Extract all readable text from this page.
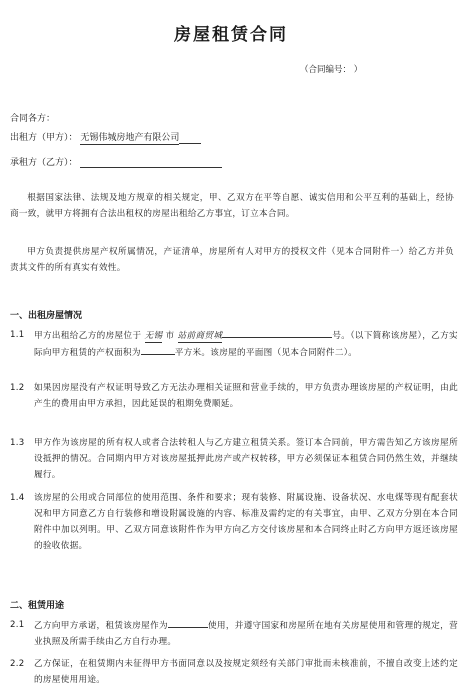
房屋租赁合同
（合同编号： ）
合同各方：
出租方（甲方）： 无锡伟城房地产有限公司
承租方（乙方）：
根据国家法律、法规及地方规章的相关规定，甲、乙双方在平等自愿、诚实信用和公平互利的基础上，经协商一致，就甲方将拥有合法出租权的房屋出租给乙方事宜，订立本合同。
甲方负责提供房屋产权所属情况，产证清单，房屋所有人对甲方的授权文件（见本合同附件一）给乙方并负责其文件的所有真实有效性。
一、出租房屋情况
1.1	甲方出租给乙方的房屋位于 无锡 市 站前商贸城	号。（以下简称该房屋），乙方实际向甲方租赁的产权面积为	平方米。该房屋的平面图（见本合同附件二）。
1.2	如果因房屋没有产权证明导致乙方无法办理相关证照和营业手续的，甲方负责办理该房屋的产权证明，由此产生的费用由甲方承担，因此延误的租期免费顺延。
1.3	甲方作为该房屋的所有权人或者合法转租人与乙方建立租赁关系。签订本合同前，甲方需告知乙方该房屋所设抵押的情况。合同期内甲方对该房屋抵押此房产或产权转移，甲方必须保证本租赁合同仍然生效，并继续履行。
1.4	该房屋的公用或合同部位的使用范围、条件和要求；现有装修、附属设施、设备状况、水电煤等现有配套状况和甲方同意乙方自行装修和增设附属设施的内容、标准及需约定的有关事宜，由甲、乙双方分别在本合同附件中加以列明。甲、乙双方同意该附件作为甲方向乙方交付该房屋和本合同终止时乙方向甲方返还该房屋的验收依据。
二、租赁用途
2.1	乙方向甲方承诺，租赁该房屋作为	使用，并遵守国家和房屋所在地有关房屋使用和管理的规定，营业执照及所需手续由乙方自行办理。
2.2	乙方保证，在租赁期内未征得甲方书面同意以及按规定须经有关部门审批而未核准前，不擅自改变上述约定的房屋使用用途。
